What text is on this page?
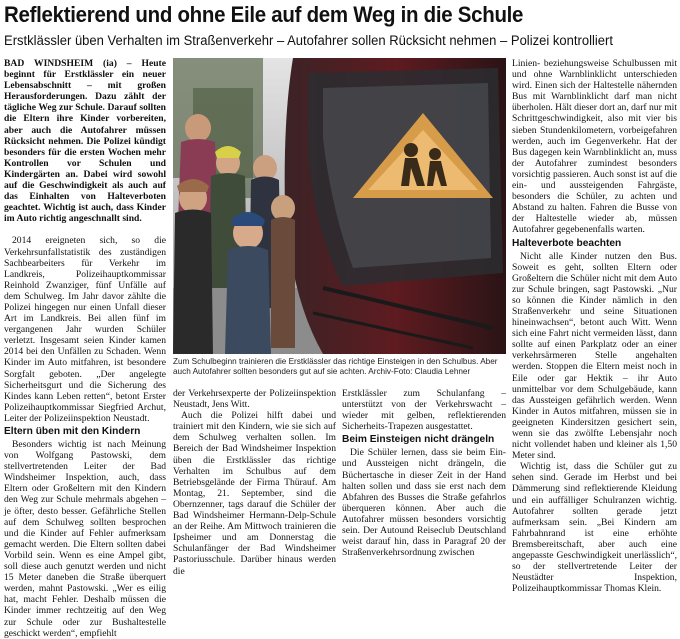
Reflektierend und ohne Eile auf dem Weg in die Schule
Erstklässler üben Verhalten im Straßenverkehr – Autofahrer sollen Rücksicht nehmen – Polizei kontrolliert

BAD WINDSHEIM (ia) – Heute beginnt für Erstklässler ein neuer Lebensabschnitt – mit großen Herausforderungen. Dazu zählt der tägliche Weg zur Schule. Darauf sollten die Eltern ihre Kinder vorbereiten, aber auch die Autofahrer müssen Rücksicht nehmen. Die Polizei kündigt besonders für die ersten Wochen mehr Kontrollen vor Schulen und Kindergärten an. Dabei wird sowohl auf die Geschwindigkeit als auch auf das Einhalten von Halteverboten geachtet. Wichtig ist auch, dass Kinder im Auto richtig angeschnallt sind.

2014 ereigneten sich, so die Verkehrsunfallstatistik des zuständigen Sachbearbeiters für Verkehr im Landkreis, Polizeihauptkommissar Reinhold Zwanziger, fünf Unfälle auf dem Schulweg. Im Jahr davor zählte die Polizei hingegen nur einen Unfall dieser Art im Landkreis. Bei allen fünf im vergangenen Jahr wurden Schüler verletzt. Insgesamt seien Kinder kamen 2014 bei den Unfällen zu Schaden. Wenn Kinder im Auto mitfahren, ist besondere Sorgfalt geboten. „Der angelegte Sicherheitsgurt und die Sicherung des Kindes kann Leben retten“, betont Erster Polizeihauptkommissar Siegfried Archut, Leiter der Polizeiinspektion Neustadt.

Eltern üben mit den Kindern

Besonders wichtig ist nach Meinung von Wolfgang Pastowski, dem stellvertretenden Leiter der Bad Windsheimer Inspektion, auch, dass Eltern oder Großeltern mit den Kindern den Weg zur Schule mehrmals abgehen – je öfter, desto besser. Gefährliche Stellen auf dem Schulweg sollten besprochen und die Kinder auf Fehler aufmerksam gemacht werden. Die Eltern sollten dabei Vorbild sein. Wenn es eine Ampel gibt, soll diese auch genutzt werden und nicht 15 Meter daneben die Straße überquert werden, mahnt Pastowski. „Wer es eilig hat, macht Fehler. Deshalb müssen die Kinder immer rechtzeitig auf den Weg zur Schule oder zur Bushaltestelle geschickt werden“, empfiehlt

Zum Schulbeginn trainieren die Erstklässler das richtige Einsteigen in den Schulbus. Aber auch Autofahrer sollten besonders gut auf sie achten. Archiv-Foto: Claudia Lehner

der Verkehrsexperte der Polizeiinspektion Neustadt, Jens Witt.

Auch die Polizei hilft dabei und trainiert mit den Kindern, wie sie sich auf dem Schulweg verhalten sollen. Im Bereich der Bad Windsheimer Inspektion üben die Erstklässler das richtige Verhalten im Schulbus auf dem Betriebsgelände der Firma Thürauf. Am Montag, 21. September, sind die Obernzenner, tags darauf die Schüler der Bad Windsheimer Hermann-Delp-Schule an der Reihe. Am Mittwoch trainieren die Ipsheimer und am Donnerstag die Schulanfänger der Bad Windsheimer Pastoriusschule. Darüber hinaus werden die

Erstklässler zum Schulanfang – unterstützt von der Verkehrswacht – wieder mit gelben, reflektierenden Sicherheits-Trapezen ausgestattet.

Beim Einsteigen nicht drängeln

Die Schüler lernen, dass sie beim Ein- und Aussteigen nicht drängeln, die Büchertasche in dieser Zeit in der Hand halten sollen und dass sie erst nach dem Abfahren des Busses die Straße gefahrlos überqueren können. Aber auch die Autofahrer müssen besonders vorsichtig sein. Der Autound Reiseclub Deutschland weist darauf hin, dass in Paragraf 20 der Straßenverkehrsordnung zwischen

Linien- beziehungsweise Schulbussen mit und ohne Warnblinklicht unterschieden wird. Einen sich der Haltestelle nähernden Bus mit Warnblinklicht darf man nicht überholen. Hält dieser dort an, darf nur mit Schrittgeschwindigkeit, also mit vier bis sieben Stundenkilometern, vorbeigefahren werden, auch im Gegenverkehr. Hat der Bus dagegen kein Warnblinklicht an, muss der Autofahrer zumindest besonders vorsichtig passieren. Auch sonst ist auf die ein- und aussteigenden Fahrgäste, besonders die Schüler, zu achten und Abstand zu halten. Fahren die Busse von der Haltestelle wieder ab, müssen Autofahrer gegebenenfalls warten.

Halteverbote beachten

Nicht alle Kinder nutzen den Bus. Soweit es geht, sollten Eltern oder Großeltern die Schüler nicht mit dem Auto zur Schule bringen, sagt Pastowski. „Nur so können die Kinder nämlich in den Straßenverkehr und seine Situationen hineinwachsen“, betont auch Witt. Wenn sich eine Fahrt nicht vermeiden lässt, dann sollte auf einen Parkplatz oder an einer verkehrsärmeren Stelle angehalten werden. Stoppen die Eltern meist noch in Eile oder gar Hektik – ihr Auto unmittelbar vor dem Schulgebäude, kann das Aussteigen gefährlich werden. Wenn Kinder in Autos mitfahren, müssen sie in geeigneten Kindersitzen gesichert sein, wenn sie das zwölfte Lebensjahr noch nicht vollendet haben und kleiner als 1,50 Meter sind.

Wichtig ist, dass die Schüler gut zu sehen sind. Gerade im Herbst und bei Dämmerung sind reflektierende Kleidung und ein auffälliger Schulranzen wichtig. Autofahrer sollten gerade jetzt aufmerksam sein. „Bei Kindern am Fahrbahnrand ist eine erhöhte Bremsbereitschaft, aber auch eine angepasste Geschwindigkeit unerlässlich“, so der stellvertretende Leiter der Neustädter Inspektion, Polizeihauptkommissar Thomas Klein.
